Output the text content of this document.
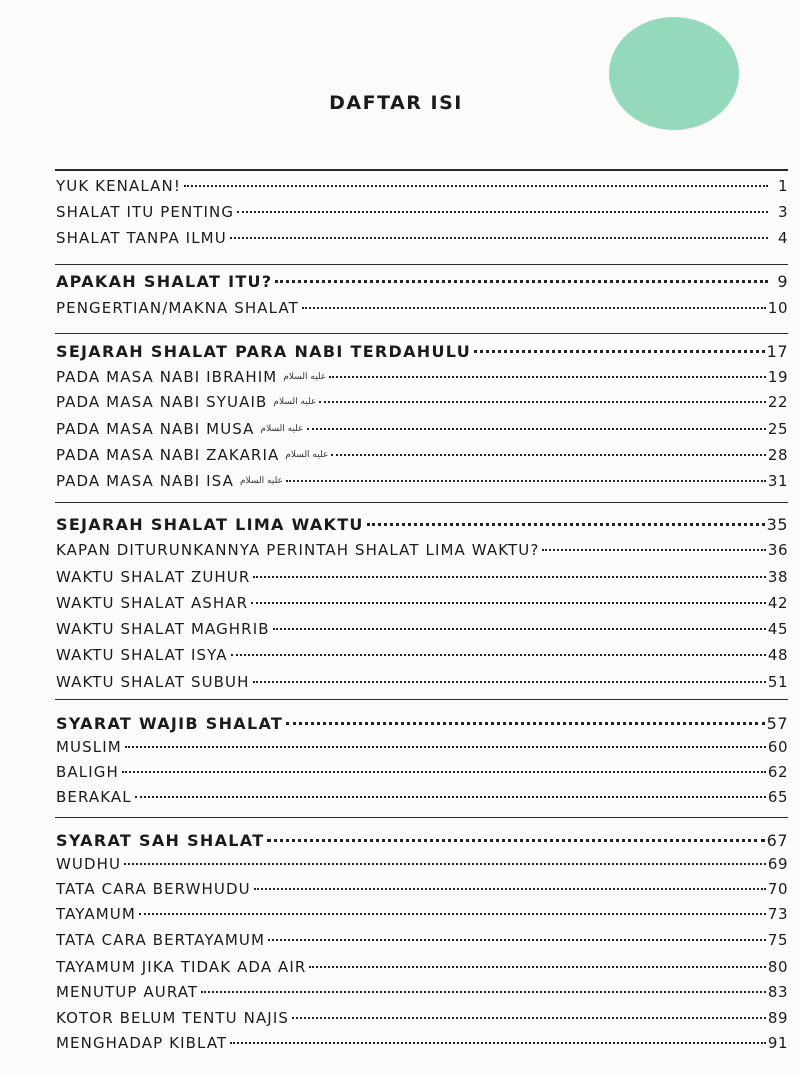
DAFTAR ISI
YUK KENALAN!	1
SHALAT ITU PENTING	3
SHALAT TANPA ILMU	4
APAKAH SHALAT ITU?	9
PENGERTIAN/MAKNA SHALAT	10
SEJARAH SHALAT PARA NABI TERDAHULU	17
PADA MASA NABI IBRAHIM عليه السلام	19
PADA MASA NABI SYUAIB عليه السلام	22
PADA MASA NABI MUSA عليه السلام	25
PADA MASA NABI ZAKARIA عليه السلام	28
PADA MASA NABI ISA عليه السلام	31
SEJARAH SHALAT LIMA WAKTU	35
KAPAN DITURUNKANNYA PERINTAH SHALAT LIMA WAKTU?	36
WAKTU SHALAT ZUHUR	38
WAKTU SHALAT ASHAR	42
WAKTU SHALAT MAGHRIB	45
WAKTU SHALAT ISYA	48
WAKTU SHALAT SUBUH	51
SYARAT WAJIB SHALAT	57
MUSLIM	60
BALIGH	62
BERAKAL	65
SYARAT SAH SHALAT	67
WUDHU	69
TATA CARA BERWHUDU	70
TAYAMUM	73
TATA CARA BERTAYAMUM	75
TAYAMUM JIKA TIDAK ADA AIR	80
MENUTUP AURAT	83
KOTOR BELUM TENTU NAJIS	89
MENGHADAP KIBLAT	91
